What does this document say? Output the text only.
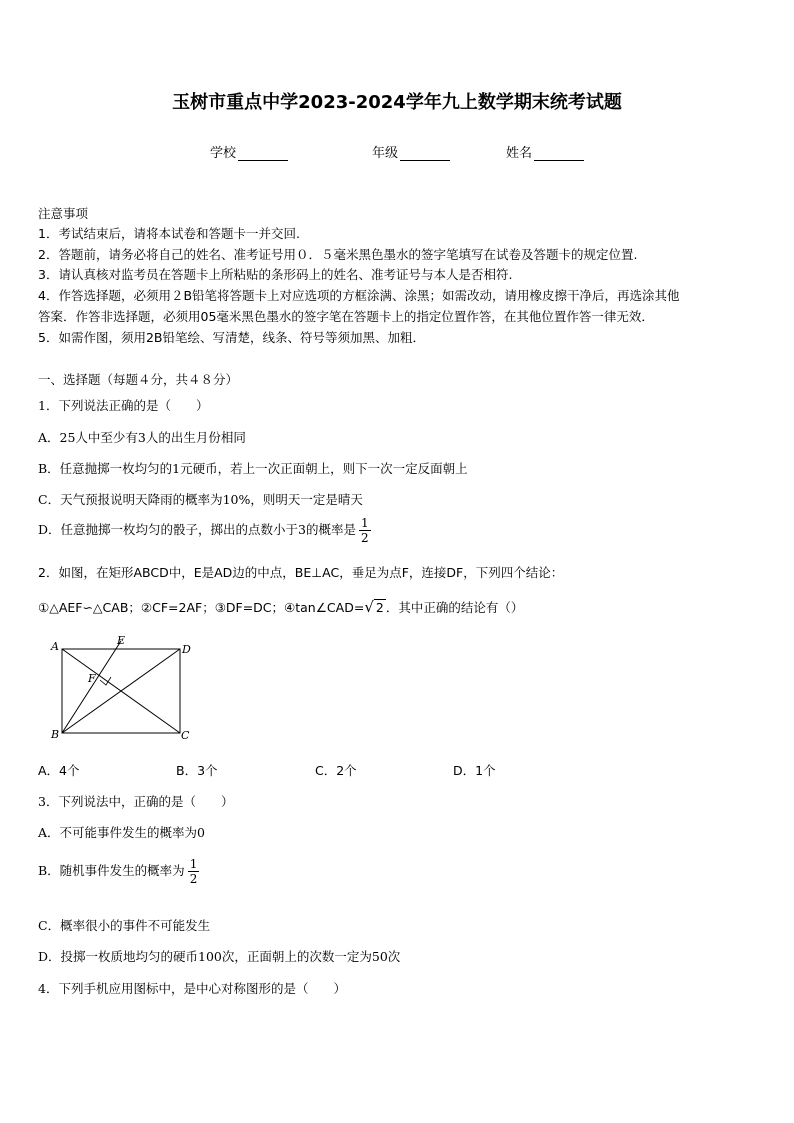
玉树市重点中学2023-2024学年九上数学期末统考试题
学校	年级	姓名
注意事项
1．考试结束后，请将本试卷和答题卡一并交回.
2．答题前，请务必将自己的姓名、准考证号用０．５毫米黑色墨水的签字笔填写在试卷及答题卡的规定位置.
3．请认真核对监考员在答题卡上所粘贴的条形码上的姓名、准考证号与本人是否相符.
4．作答选择题，必须用２B铅笔将答题卡上对应选项的方框涂满、涂黑；如需改动，请用橡皮擦干净后，再选涂其他
答案．作答非选择题，必须用05毫米黑色墨水的签字笔在答题卡上的指定位置作答，在其他位置作答一律无效．
5．如需作图，须用2B铅笔绘、写清楚，线条、符号等须加黑、加粗．
一、选择题（每题４分，共４８分）
1．下列说法正确的是（　　）
A．25人中至少有3人的出生月份相同
B．任意抛掷一枚均匀的1元硬币，若上一次正面朝上，则下一次一定反面朝上
C．天气预报说明天降雨的概率为10%，则明天一定是晴天
D．任意抛掷一枚均匀的骰子，掷出的点数小于3的概率是 $\frac{1}{2}$
2．如图，在矩形ABCD中，E是AD边的中点，BE⊥AC，垂足为点F，连接DF，下列四个结论：
①△AEF∽△CAB；②CF=2AF；③DF=DC；④tan∠CAD=√ 2 ．其中正确的结论有（）
A	E
D
F
B	C
A．4个	B．3个	C．2个	D．1个
3．下列说法中，正确的是（　　）
A．不可能事件发生的概率为0
B．随机事件发生的概率为 $\frac{1}{2}$
C．概率很小的事件不可能发生
D．投掷一枚质地均匀的硬币100次，正面朝上的次数一定为50次
4．下列手机应用图标中，是中心对称图形的是（　　）
